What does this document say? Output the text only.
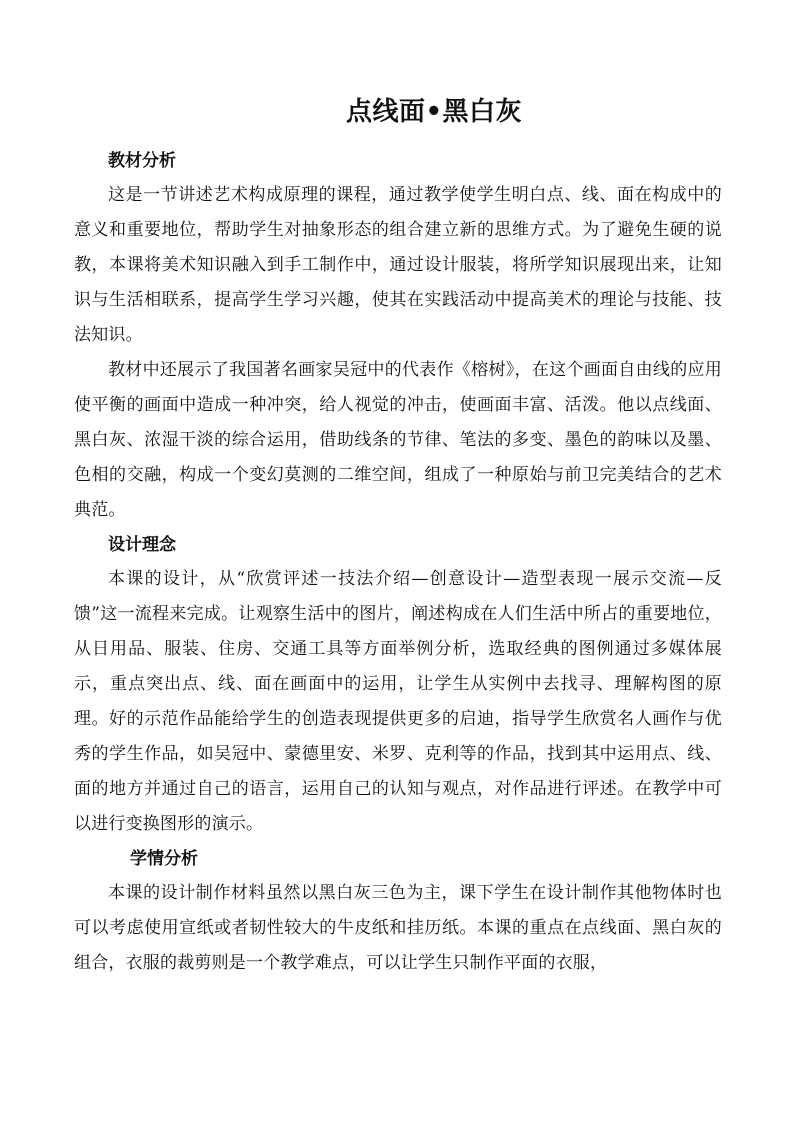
点线面•黑白灰

教材分析

这是一节讲述艺术构成原理的课程，通过教学使学生明白点、线、面在构成中的意义和重要地位，帮助学生对抽象形态的组合建立新的思维方式。为了避免生硬的说教，本课将美术知识融入到手工制作中，通过设计服装，将所学知识展现出来，让知识与生活相联系，提高学生学习兴趣，使其在实践活动中提高美术的理论与技能、技法知识。

教材中还展示了我国著名画家吴冠中的代表作《榕树》，在这个画面自由线的应用使平衡的画面中造成一种冲突，给人视觉的冲击，使画面丰富、活泼。他以点线面、黑白灰、浓湿干淡的综合运用，借助线条的节律、笔法的多变、墨色的韵味以及墨、色相的交融，构成一个变幻莫测的二维空间，组成了一种原始与前卫完美结合的艺术典范。

设计理念

本课的设计，从“欣赏评述一技法介绍—创意设计—造型表现一展示交流—反馈”这一流程来完成。让观察生活中的图片，阐述构成在人们生活中所占的重要地位，从日用品、服装、住房、交通工具等方面举例分析，选取经典的图例通过多媒体展示，重点突出点、线、面在画面中的运用，让学生从实例中去找寻、理解构图的原理。好的示范作品能给学生的创造表现提供更多的启迪，指导学生欣赏名人画作与优秀的学生作品，如吴冠中、蒙德里安、米罗、克利等的作品，找到其中运用点、线、面的地方并通过自己的语言，运用自己的认知与观点，对作品进行评述。在教学中可以进行变换图形的演示。

学情分析

本课的设计制作材料虽然以黑白灰三色为主，课下学生在设计制作其他物体时也可以考虑使用宣纸或者韧性较大的牛皮纸和挂历纸。本课的重点在点线面、黑白灰的组合，衣服的裁剪则是一个教学难点，可以让学生只制作平面的衣服，
